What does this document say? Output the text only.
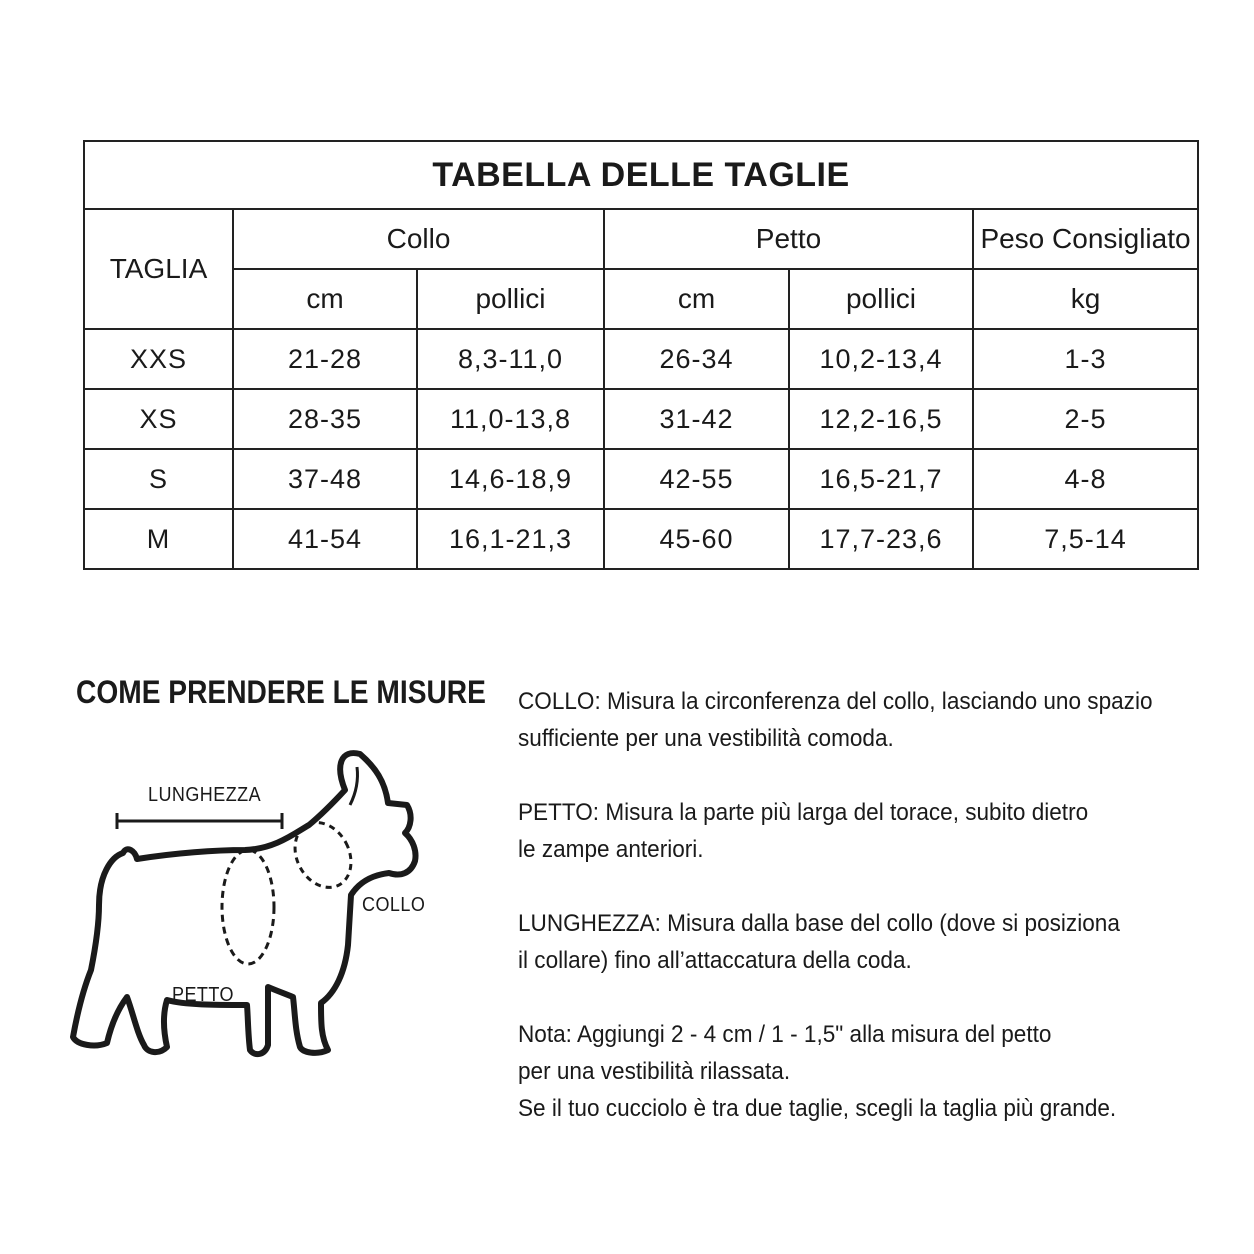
TABELLA DELLE TAGLIE					
TAGLIA	Collo		Petto		Peso Consigliato
	cm	pollici	cm	pollici	kg
XXS	21-28	8,3-11,0	26-34	10,2-13,4	1-3
XS	28-35	11,0-13,8	31-42	12,2-16,5	2-5
S	37-48	14,6-18,9	42-55	16,5-21,7	4-8
M	41-54	16,1-21,3	45-60	17,7-23,6	7,5-14
COME PRENDERE LE MISURE
LUNGHEZZA
COLLO
PETTO
COLLO: Misura la circonferenza del collo, lasciando uno spazio
sufficiente per una vestibilità comoda.
PETTO: Misura la parte più larga del torace, subito dietro
le zampe anteriori.
LUNGHEZZA: Misura dalla base del collo (dove si posiziona
il collare) fino all’attaccatura della coda.
Nota: Aggiungi 2 - 4 cm / 1 - 1,5" alla misura del petto
per una vestibilità rilassata.
Se il tuo cucciolo è tra due taglie, scegli la taglia più grande.
